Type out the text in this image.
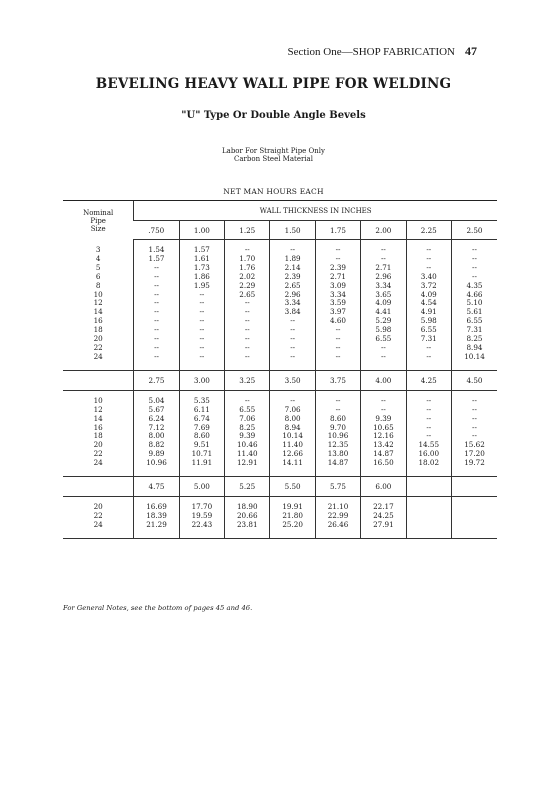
Section One—SHOP FABRICATION 47
BEVELING HEAVY WALL PIPE FOR WELDING
"U" Type Or Double Angle Bevels
Labor For Straight Pipe Only
Carbon Steel Material
NET MAN HOURS EACH
Nominal
Pipe
Size	WALL THICKNESS IN INCHES							
	.750	1.00	1.25	1.50	1.75	2.00	2.25	2.50

3	1.54	1.57	--	--	--	--	--	--
4	1.57	1.61	1.70	1.89	--	--	--	--
5	--	1.73	1.76	2.14	2.39	2.71	--	--
6	--	1.86	2.02	2.39	2.71	2.96	3.40	--
8	--	1.95	2.29	2.65	3.09	3.34	3.72	4.35
10	--	--	2.65	2.96	3.34	3.65	4.09	4.66
12	--	--	--	3.34	3.59	4.09	4.54	5.10
14	--	--	--	3.84	3.97	4.41	4.91	5.61
16	--	--	--	--	4.60	5.29	5.98	6.55
18	--	--	--	--	--	5.98	6.55	7.31
20	--	--	--	--	--	6.55	7.31	8.25
22	--	--	--	--	--	--	--	8.94
24	--	--	--	--	--	--	--	10.14

	2.75	3.00	3.25	3.50	3.75	4.00	4.25	4.50

10	5.04	5.35	--	--	--	--	--	--
12	5.67	6.11	6.55	7.06	--	--	--	--
14	6.24	6.74	7.06	8.00	8.60	9.39	--	--
16	7.12	7.69	8.25	8.94	9.70	10.65	--	--
18	8.00	8.60	9.39	10.14	10.96	12.16	--	--
20	8.82	9.51	10.46	11.40	12.35	13.42	14.55	15.62
22	9.89	10.71	11.40	12.66	13.80	14.87	16.00	17.20
24	10.96	11.91	12.91	14.11	14.87	16.50	18.02	19.72

	4.75	5.00	5.25	5.50	5.75	6.00		

20	16.69	17.70	18.90	19.91	21.10	22.17		
22	18.39	19.59	20.66	21.80	22.99	24.25		
24	21.29	22.43	23.81	25.20	26.46	27.91		

For General Notes, see the bottom of pages 45 and 46.
